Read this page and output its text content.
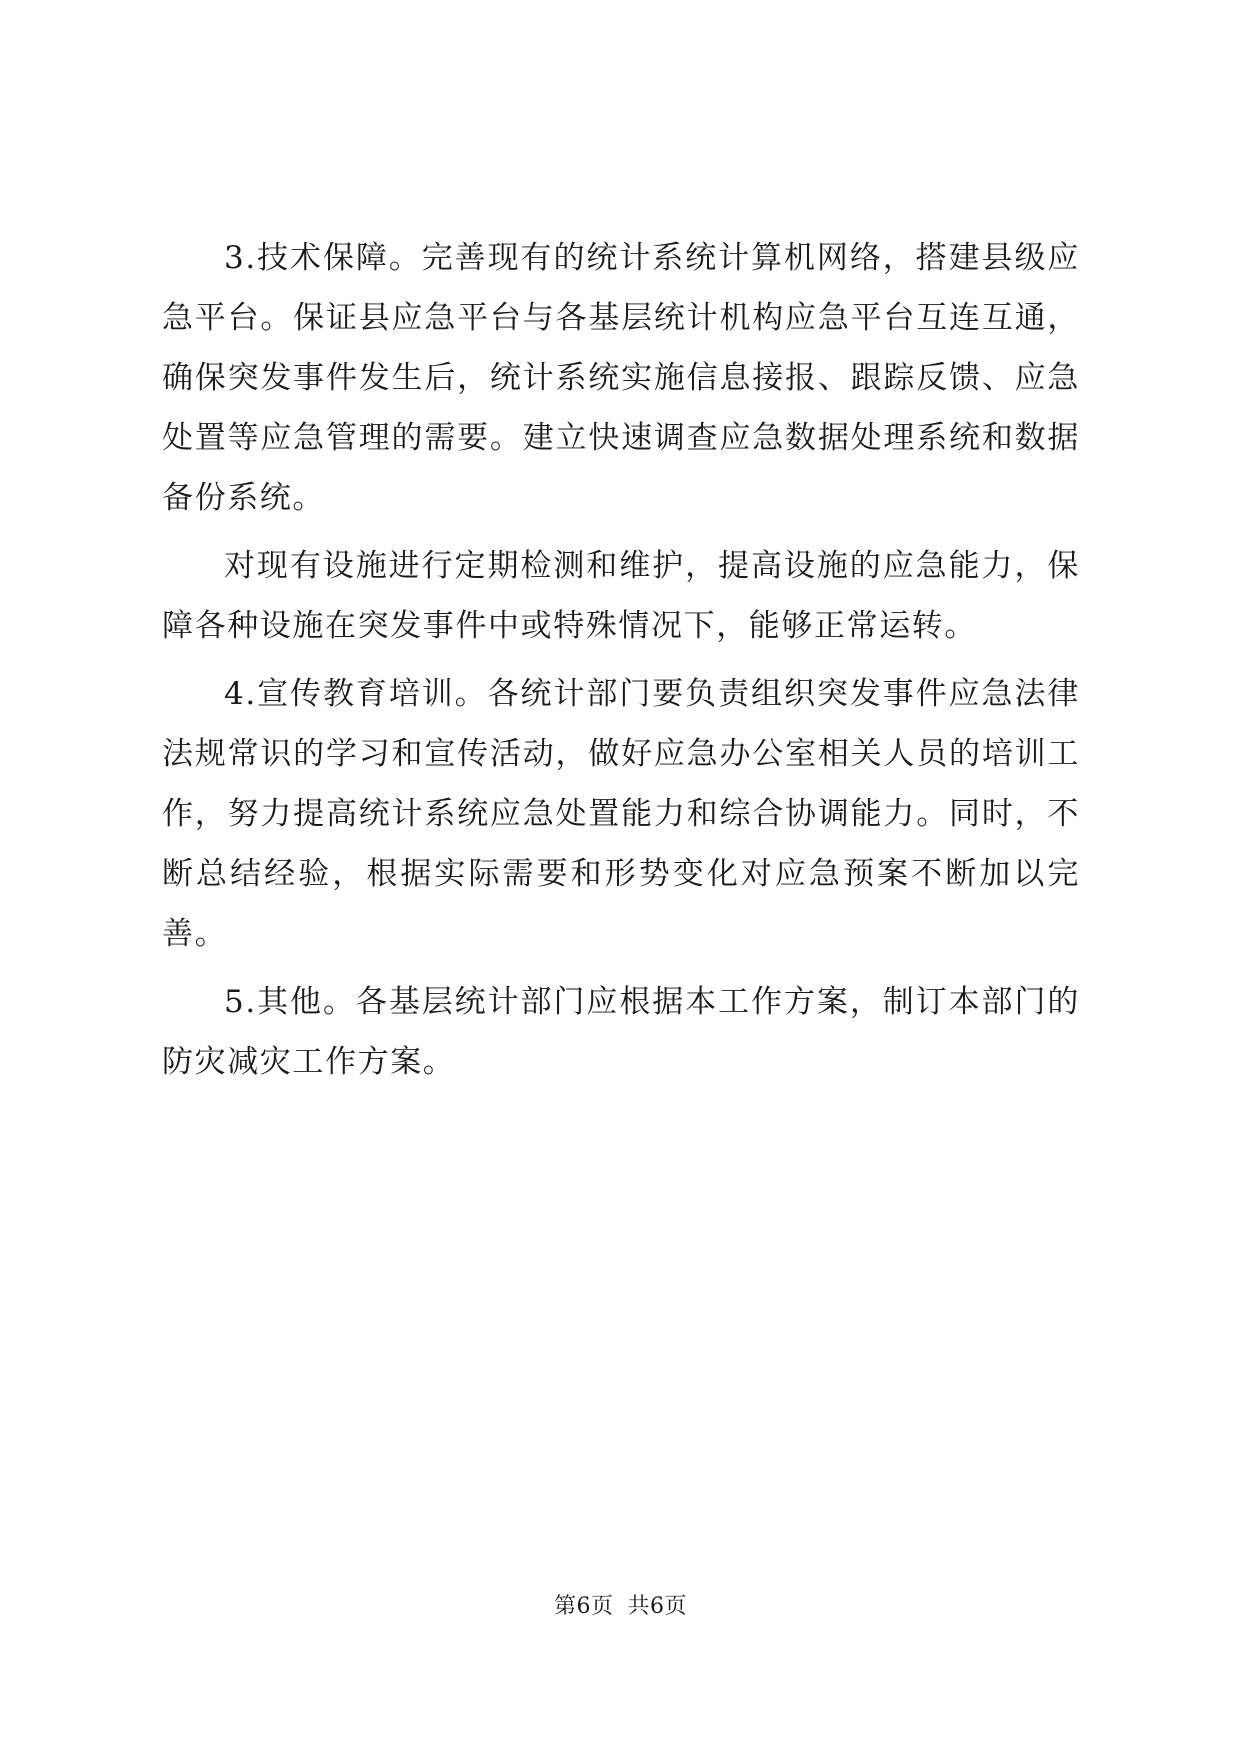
3.技术保障。完善现有的统计系统计算机网络，搭建县级应急平台。保证县应急平台与各基层统计机构应急平台互连互通，确保突发事件发生后，统计系统实施信息接报、跟踪反馈、应急处置等应急管理的需要。建立快速调查应急数据处理系统和数据备份系统。

对现有设施进行定期检测和维护，提高设施的应急能力，保障各种设施在突发事件中或特殊情况下，能够正常运转。

4.宣传教育培训。各统计部门要负责组织突发事件应急法律法规常识的学习和宣传活动，做好应急办公室相关人员的培训工作，努力提高统计系统应急处置能力和综合协调能力。同时，不断总结经验，根据实际需要和形势变化对应急预案不断加以完善。

5.其他。各基层统计部门应根据本工作方案，制订本部门的防灾减灾工作方案。

第6页 共6页
